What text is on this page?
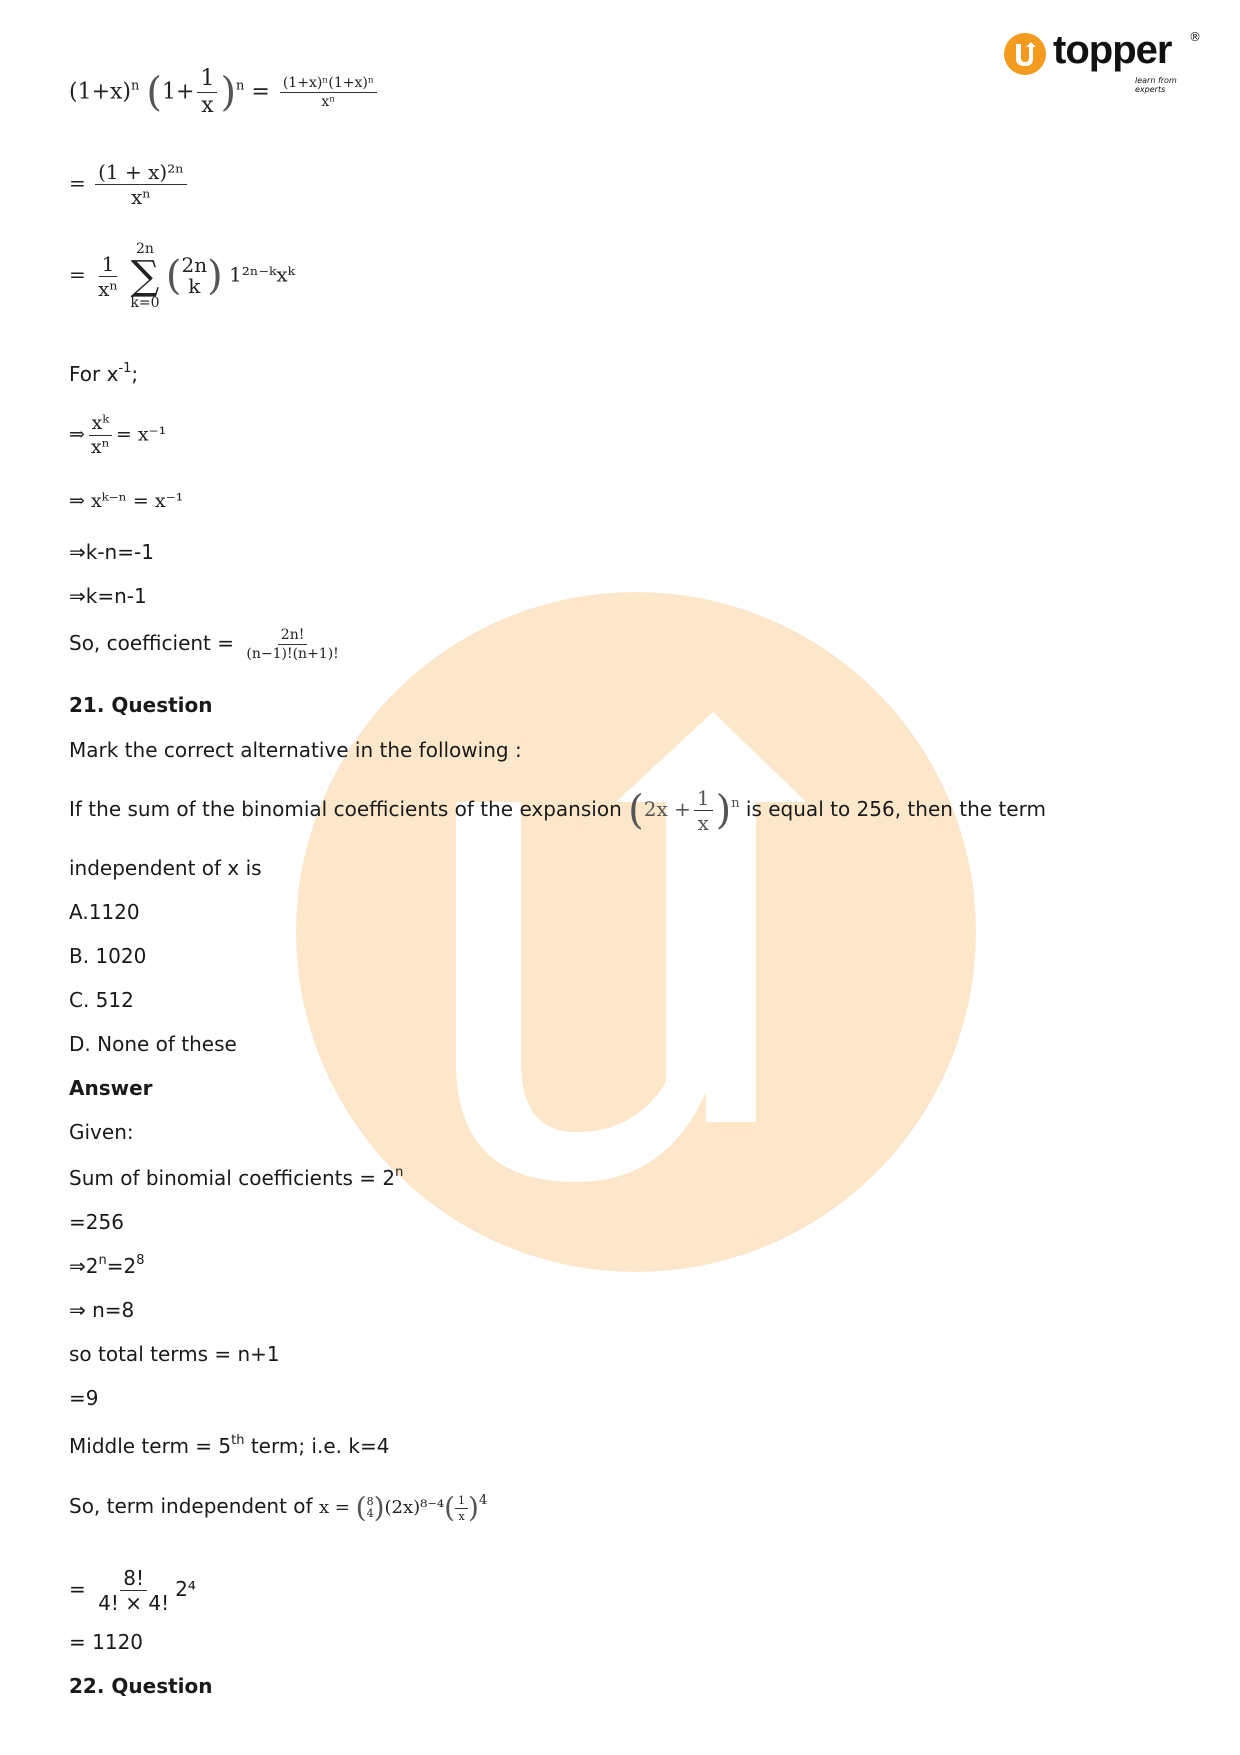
topper ®
learn from experts
$(1+x)^n$ $(1+ \frac{1}{x} )^n = \frac{\text{(1+x)ⁿ(1+x)ⁿ}}{\text{xⁿ}}$
= $\frac{\text{(1 + x)²ⁿ}}{\text{xⁿ}}$
= $\frac{1}{\text{xⁿ}}$

2n
∑
k=0
( 2n
k ) 1²ⁿ⁻ᵏxᵏ
For $x^{-1}$;
⇒ $\frac{\text{xᵏ}}{\text{xⁿ}} = x^{-1}$
⇒ xᵏ⁻ⁿ = x⁻¹
⇒k-n=-1
⇒k=n-1
So, coefficient = $\frac{2n!}{(n-1)!(n+1)!}$
21. Question
Mark the correct alternative in the following :
If the sum of the binomial coefficients of the expansion $(2x + \frac{1}{x} )^n$ is equal to 256, then the term
independent of x is
A.1120
B. 1020
C. 512
D. None of these
Answer
Given:
Sum of binomial coefficients = $2^n$
=256
$\Rightarrow 2^n=2^8$
⇒ n=8
so total terms = n+1
=9
Middle term = 5th term; i.e. k=4
So, term independent of x = ( 8
4 )$(2x)^{8-4}( \frac{1}{x} )^4$
= $\frac{8!}{4! \times 4!} 2^4$
= 1120
22. Question
